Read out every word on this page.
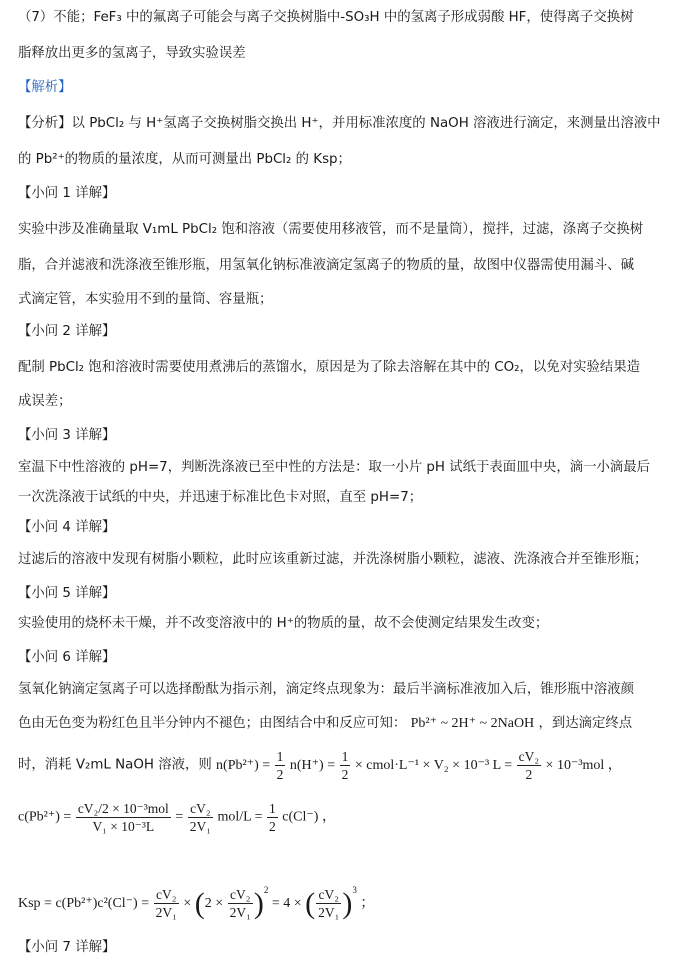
（7）不能；FeF₃ 中的氟离子可能会与离子交换树脂中-SO₃H 中的氢离子形成弱酸 HF，使得离子交换树
脂释放出更多的氢离子，导致实验误差
【解析】
【分析】以 PbCl₂ 与 H⁺氢离子交换树脂交换出 H⁺，并用标准浓度的 NaOH 溶液进行滴定，来测量出溶液中
的 Pb²⁺的物质的量浓度，从而可测量出 PbCl₂ 的 Ksp；
【小问 1 详解】
实验中涉及准确量取 V₁mL PbCl₂ 饱和溶液（需要使用移液管，而不是量筒），搅拌，过滤，涤离子交换树
脂，合并滤液和洗涤液至锥形瓶，用氢氧化钠标准液滴定氢离子的物质的量，故图中仪器需使用漏斗、碱
式滴定管，本实验用不到的量筒、容量瓶；
【小问 2 详解】
配制 PbCl₂ 饱和溶液时需要使用煮沸后的蒸馏水，原因是为了除去溶解在其中的 CO₂，以免对实验结果造
成误差；
【小问 3 详解】
室温下中性溶液的 pH=7，判断洗涤液已至中性的方法是：取一小片 pH 试纸于表面皿中央，滴一小滴最后
一次洗涤液于试纸的中央，并迅速于标准比色卡对照，直至 pH=7；
【小问 4 详解】
过滤后的溶液中发现有树脂小颗粒，此时应该重新过滤，并洗涤树脂小颗粒，滤液、洗涤液合并至锥形瓶；
【小问 5 详解】
实验使用的烧杯未干燥，并不改变溶液中的 H⁺的物质的量，故不会使测定结果发生改变；
【小问 6 详解】
氢氧化钠滴定氢离子可以选择酚酞为指示剂，滴定终点现象为：最后半滴标准液加入后，锥形瓶中溶液颜
色由无色变为粉红色且半分钟内不褪色；由图结合中和反应可知： Pb²⁺ ~ 2H⁺ ~ 2NaOH ，到达滴定终点
时，消耗 V₂mL NaOH 溶液，则 $n(Pb^{2+}) = \frac{1}{2} n(H^+) = \frac{1}{2}$ × cmol·L⁻¹ × V₂ × 10⁻³ $L = \frac{\text{cV₂}}{2} \times 10^{-3}mol$ ，
$c(Pb^{2+}) = \frac{\text{cV₂/2 × 10⁻³mol}}{\text{V₁ × 10⁻³L}} = \frac{\text{cV₂}}{\text{2V₁}} mol/L = \frac{1}{2} c(Cl^-)$ ，
Ksp = $c(Pb^{2+})c^2(Cl^-) = \frac{\text{cV₂}}{\text{2V₁}} \times (2 \times \frac{\text{cV₂}}{\text{2V₁}} )^2 = 4$ × ( $\frac{\text{cV₂}}{\text{2V₁}} )^3$ ；
【小问 7 详解】
